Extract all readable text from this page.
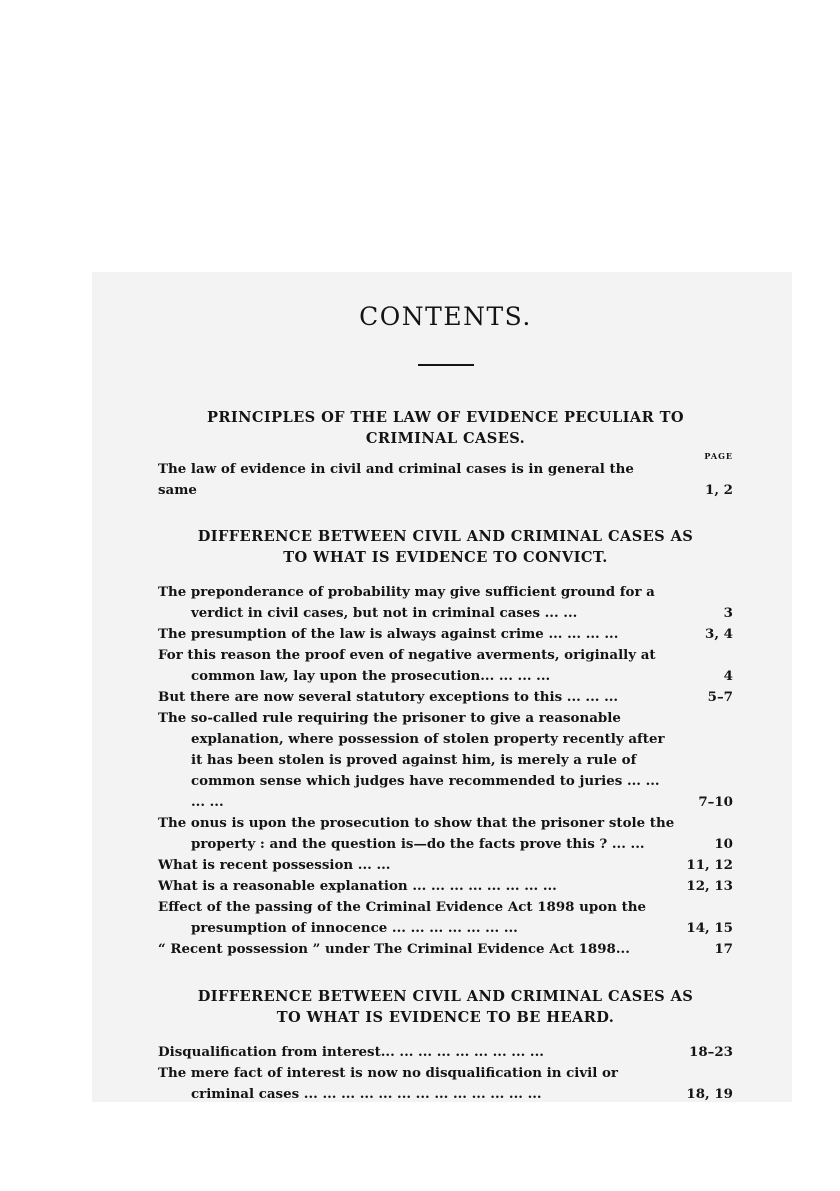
CONTENTS.
PRINCIPLES OF THE LAW OF EVIDENCE PECULIAR TO
CRIMINAL CASES.
PAGE
The law of evidence in civil and criminal cases is in general the same	1, 2
DIFFERENCE BETWEEN CIVIL AND CRIMINAL CASES AS
TO WHAT IS EVIDENCE TO CONVICT.
The preponderance of probability may give sufficient ground for a verdict in civil cases, but not in criminal cases ... ...	3
The presumption of the law is always against crime ... ... ... ...	3, 4
For this reason the proof even of negative averments, originally at common law, lay upon the prosecution... ... ... ...	4
But there are now several statutory exceptions to this ... ... ...	5–7
The so-called rule requiring the prisoner to give a reasonable explanation, where possession of stolen property recently after it has been stolen is proved against him, is merely a rule of common sense which judges have recommended to juries ... ... ... ...	7–10
The onus is upon the prosecution to show that the prisoner stole the property : and the question is—do the facts prove this ? ... ...	10
What is recent possession ... ...	11, 12
What is a reasonable explanation ... ... ... ... ... ... ... ...	12, 13
Effect of the passing of the Criminal Evidence Act 1898 upon the presumption of innocence ... ... ... ... ... ... ...	14, 15
“ Recent possession ” under The Criminal Evidence Act 1898...	17
DIFFERENCE BETWEEN CIVIL AND CRIMINAL CASES AS
TO WHAT IS EVIDENCE TO BE HEARD.
Disqualification from interest... ... ... ... ... ... ... ... ...	18–23
The mere fact of interest is now no disqualification in civil or criminal cases ... ... ... ... ... ... ... ... ... ... ... ... ...	18, 19
